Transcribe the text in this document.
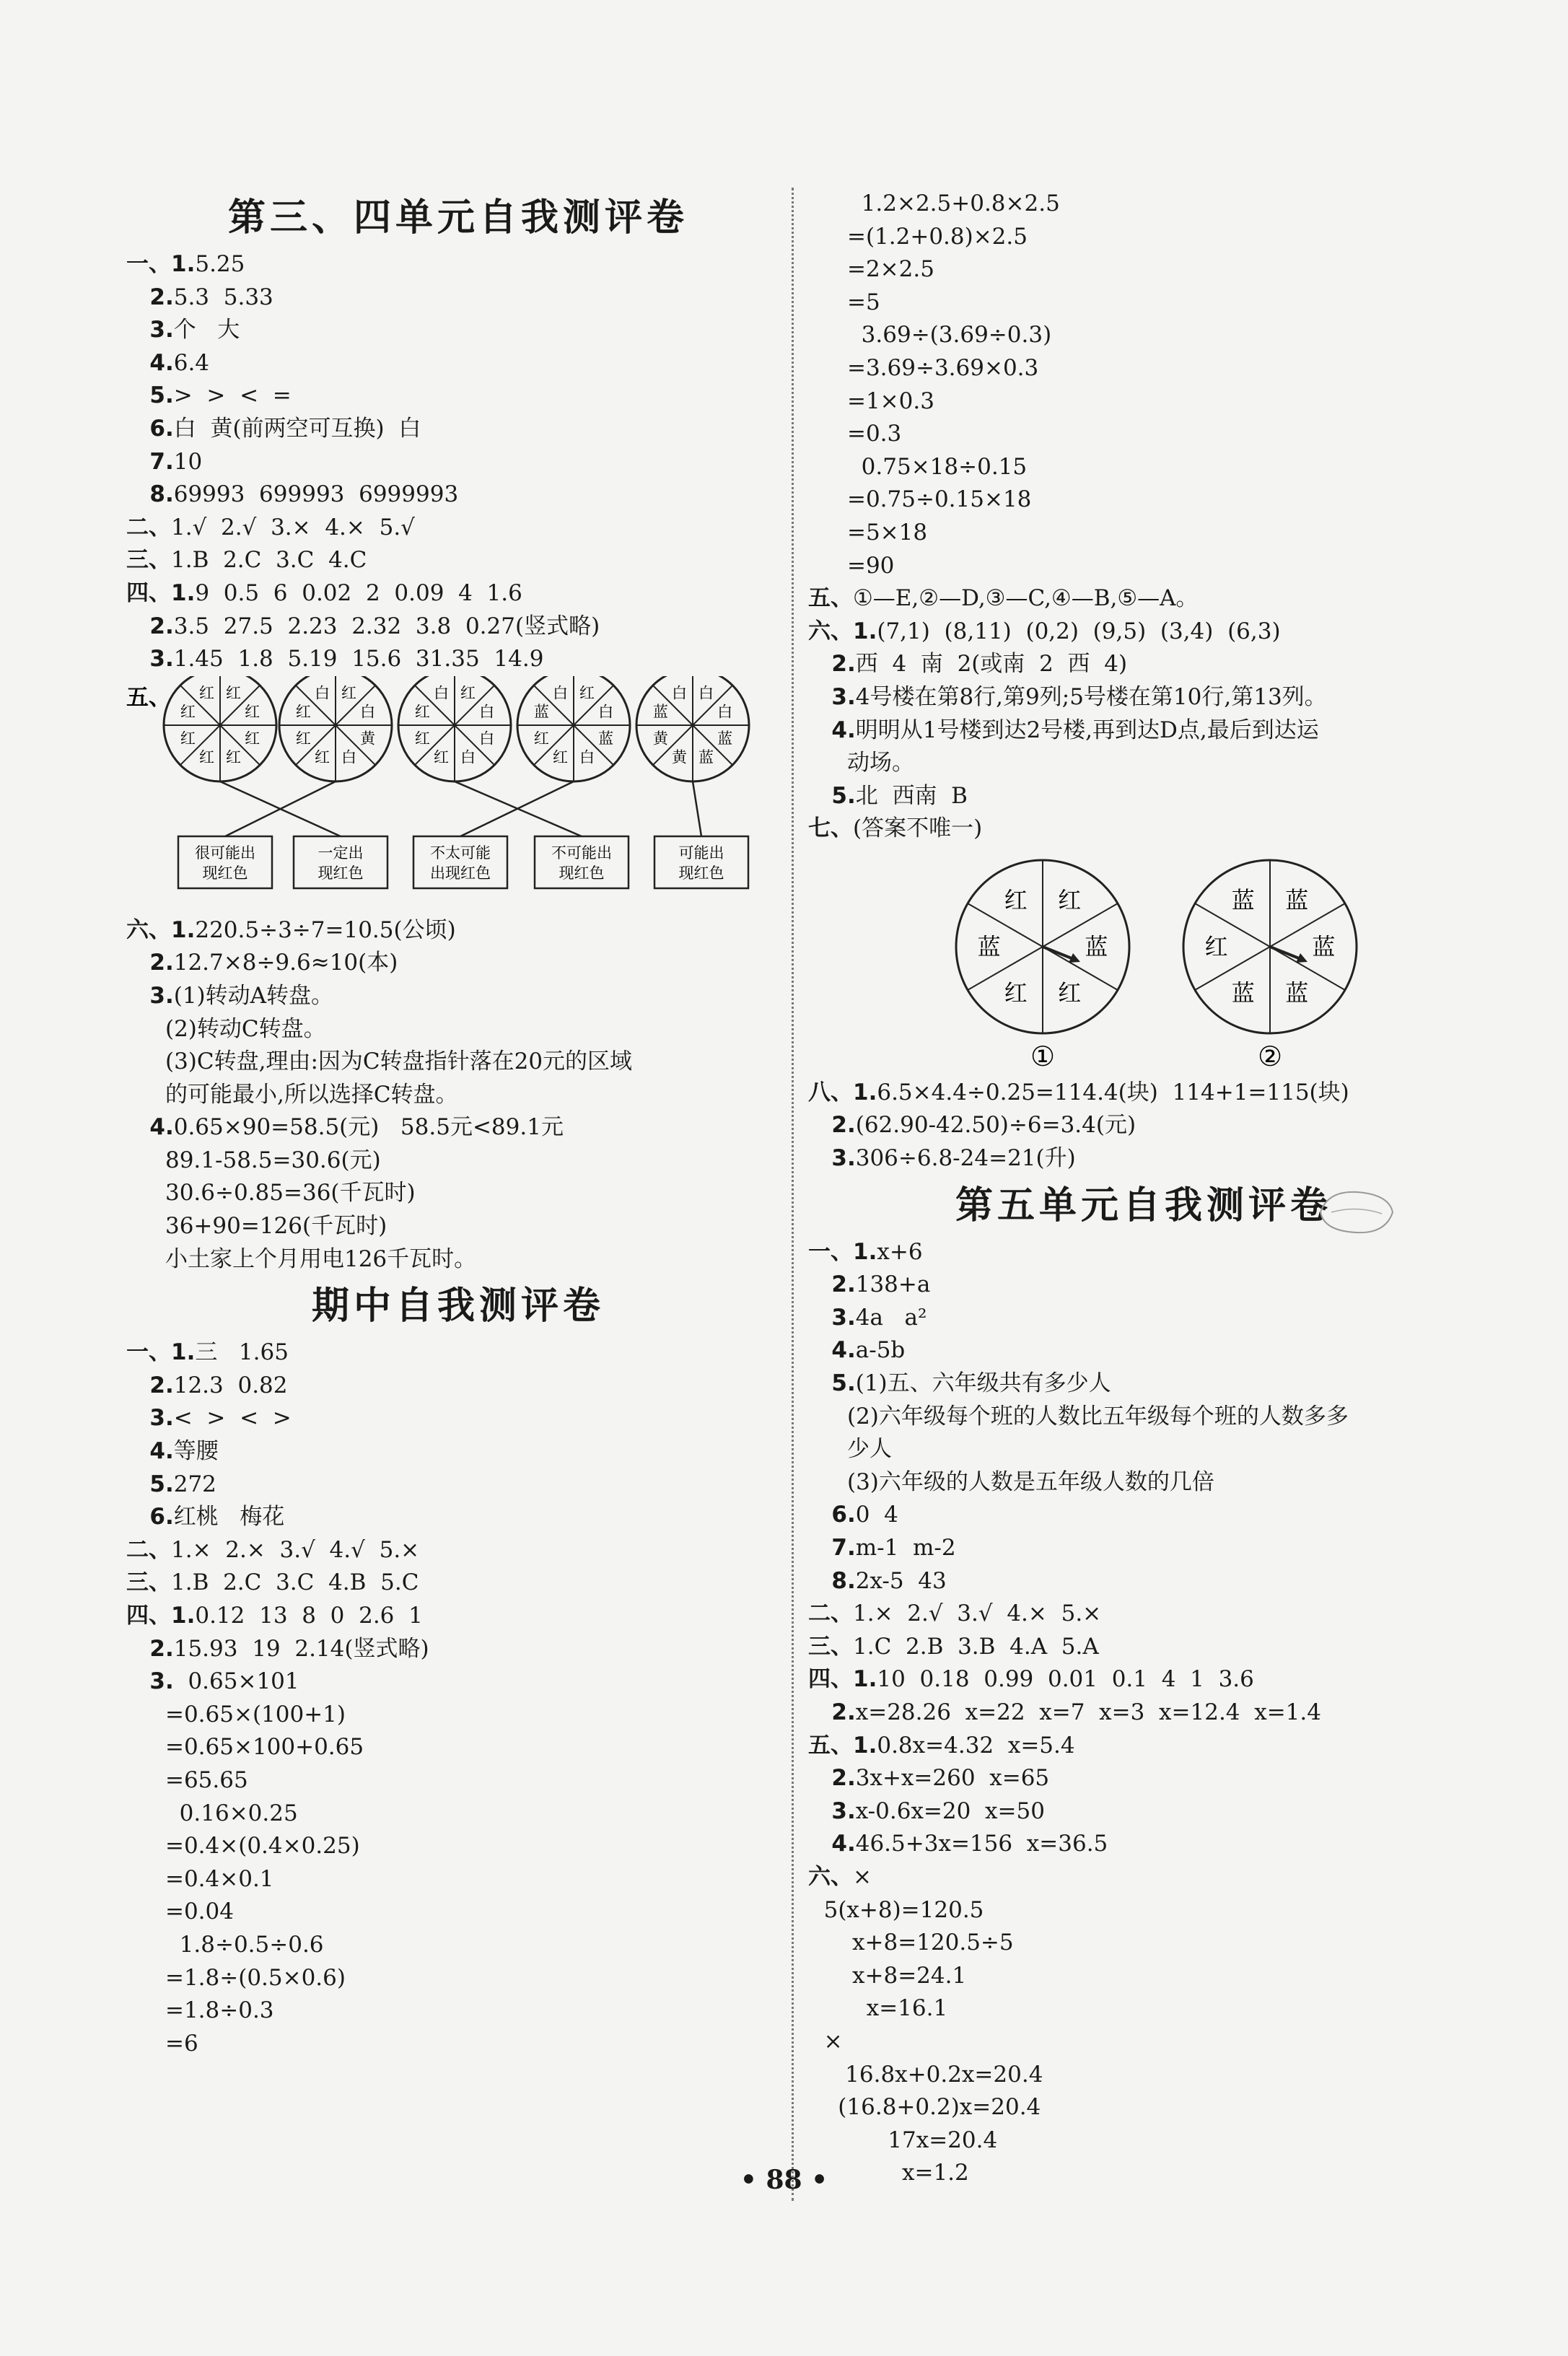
第三、四单元自我测评卷
一、1.5.25
2.5.3  5.33
3.个   大
4.6.4
5.>  >  <  =
6.白  黄(前两空可互换)  白
7.10
8.69993  699993  6999993
二、1.√  2.√  3.×  4.×  5.√
三、1.B  2.C  3.C  4.C
四、1.9  0.5  6  0.02  2  0.09  4  1.6
2.3.5  27.5  2.23  2.32  3.8  0.27(竖式略)
3.1.45  1.8  5.19  15.6  31.35  14.9
五、	红
红
红
红
红
红
红
红	红
白
黄
白
红
红
红
白	红
白
白
白
红
红
红
白	红
白
蓝
白
红
红
蓝
白	白
白
蓝
蓝
黄
黄
蓝
白
很可能出
现红色
一定出
现红色
不太可能
出现红色
不可能出
现红色
可能出
现红色
六、1.220.5÷3÷7=10.5(公顷)
2.12.7×8÷9.6≈10(本)
3.(1)转动A转盘。
(2)转动C转盘。
(3)C转盘,理由:因为C转盘指针落在20元的区域
的可能最小,所以选择C转盘。
4.0.65×90=58.5(元)   58.5元<89.1元
89.1-58.5=30.6(元)
30.6÷0.85=36(千瓦时)
36+90=126(千瓦时)
小土家上个月用电126千瓦时。
期中自我测评卷
一、1.三   1.65
2.12.3  0.82
3.<  >  <  >
4.等腰
5.272
6.红桃   梅花
二、1.×  2.×  3.√  4.√  5.×
三、1.B  2.C  3.C  4.B  5.C
四、1.0.12  13  8  0  2.6  1
2.15.93  19  2.14(竖式略)
3.  0.65×101
=0.65×(100+1)
=0.65×100+0.65
=65.65
0.16×0.25
=0.4×(0.4×0.25)
=0.4×0.1
=0.04
1.8÷0.5÷0.6
=1.8÷(0.5×0.6)
=1.8÷0.3
=6
1.2×2.5+0.8×2.5
=(1.2+0.8)×2.5
=2×2.5
=5
3.69÷(3.69÷0.3)
=3.69÷3.69×0.3
=1×0.3
=0.3
0.75×18÷0.15
=0.75÷0.15×18
=5×18
=90
五、①—E,②—D,③—C,④—B,⑤—A。
六、1.(7,1)  (8,11)  (0,2)  (9,5)  (3,4)  (6,3)
2.西  4  南  2(或南  2  西  4)
3.4号楼在第8行,第9列;5号楼在第10行,第13列。
4.明明从1号楼到达2号楼,再到达D点,最后到达运
动场。
5.北  西南  B
七、(答案不唯一)
红
蓝
红
红
蓝
红	蓝
蓝
蓝
蓝
红
蓝
①	②
八、1.6.5×4.4÷0.25=114.4(块)  114+1=115(块)
2.(62.90-42.50)÷6=3.4(元)
3.306÷6.8-24=21(升)
第五单元自我测评卷
一、1.x+6
2.138+a
3.4a   a²
4.a-5b
5.(1)五、六年级共有多少人
(2)六年级每个班的人数比五年级每个班的人数多多
少人
(3)六年级的人数是五年级人数的几倍
6.0  4
7.m-1  m-2
8.2x-5  43
二、1.×  2.√  3.√  4.×  5.×
三、1.C  2.B  3.B  4.A  5.A
四、1.10  0.18  0.99  0.01  0.1  4  1  3.6
2.x=28.26  x=22  x=7  x=3  x=12.4  x=1.4
五、1.0.8x=4.32  x=5.4
2.3x+x=260  x=65
3.x-0.6x=20  x=50
4.46.5+3x=156  x=36.5
六、×
5(x+8)=120.5
x+8=120.5÷5
x+8=24.1
x=16.1
×
16.8x+0.2x=20.4
(16.8+0.2)x=20.4
17x=20.4
x=1.2
• 88 •
